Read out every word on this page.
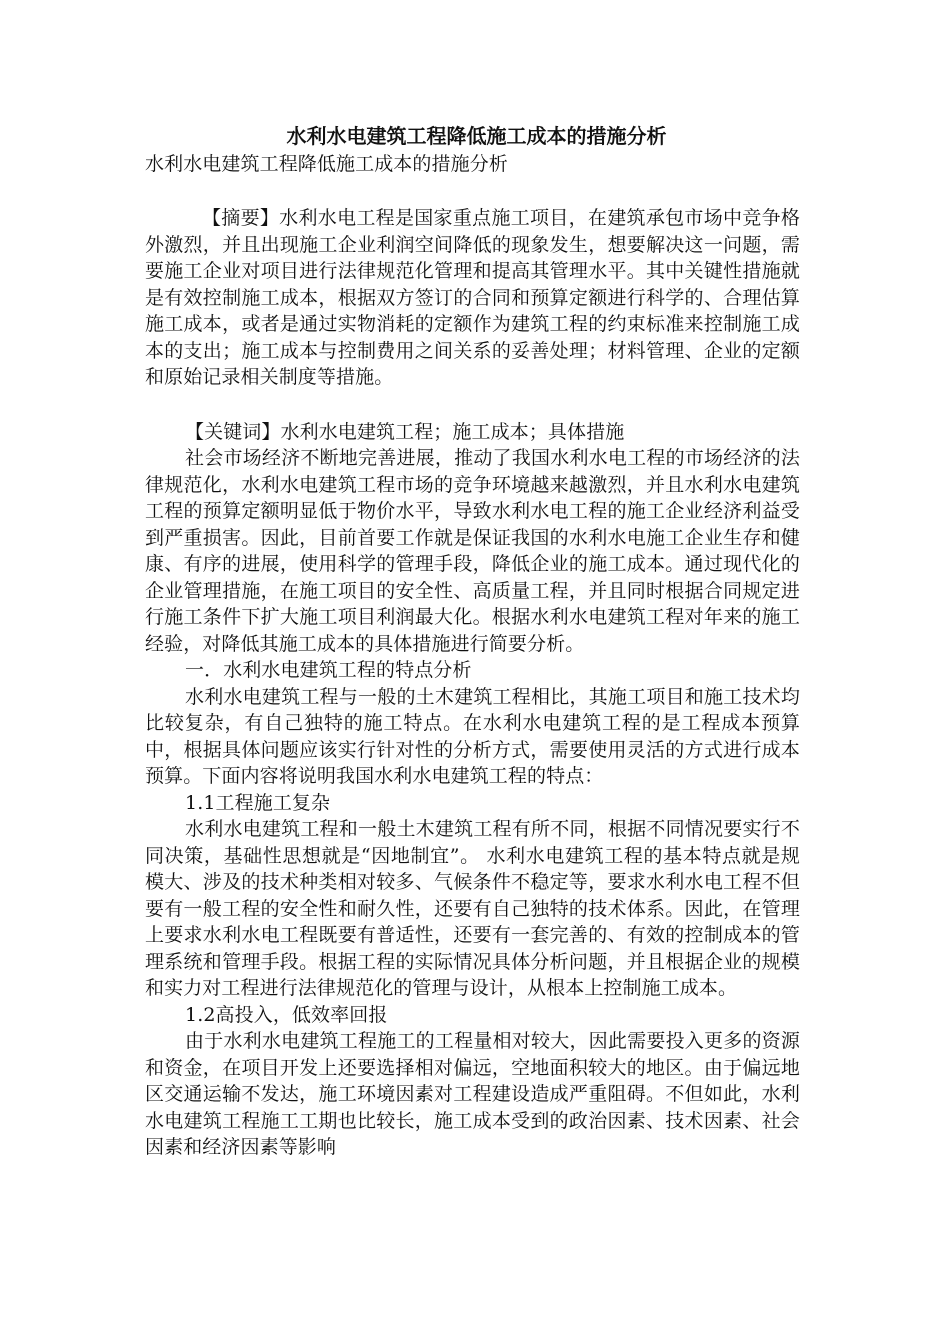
水利水电建筑工程降低施工成本的措施分析

水利水电建筑工程降低施工成本的措施分析

【摘要】水利水电工程是国家重点施工项目，在建筑承包市场中竞争格外激烈，并且出现施工企业利润空间降低的现象发生，想要解决这一问题，需要施工企业对项目进行法律规范化管理和提高其管理水平。其中关键性措施就是有效控制施工成本，根据双方签订的合同和预算定额进行科学的、合理估算施工成本，或者是通过实物消耗的定额作为建筑工程的约束标准来控制施工成本的支出；施工成本与控制费用之间关系的妥善处理；材料管理、企业的定额和原始记录相关制度等措施。

【关键词】水利水电建筑工程；施工成本；具体措施

社会市场经济不断地完善进展，推动了我国水利水电工程的市场经济的法律规范化，水利水电建筑工程市场的竞争环境越来越激烈，并且水利水电建筑工程的预算定额明显低于物价水平，导致水利水电工程的施工企业经济利益受到严重损害。因此，目前首要工作就是保证我国的水利水电施工企业生存和健康、有序的进展，使用科学的管理手段，降低企业的施工成本。通过现代化的企业管理措施，在施工项目的安全性、高质量工程，并且同时根据合同规定进行施工条件下扩大施工项目利润最大化。根据水利水电建筑工程对年来的施工经验，对降低其施工成本的具体措施进行简要分析。

一．水利水电建筑工程的特点分析

水利水电建筑工程与一般的土木建筑工程相比，其施工项目和施工技术均比较复杂，有自己独特的施工特点。在水利水电建筑工程的是工程成本预算中，根据具体问题应该实行针对性的分析方式，需要使用灵活的方式进行成本预算。下面内容将说明我国水利水电建筑工程的特点：

1.1工程施工复杂

水利水电建筑工程和一般土木建筑工程有所不同，根据不同情况要实行不同决策，基础性思想就是“因地制宜”。 水利水电建筑工程的基本特点就是规模大、涉及的技术种类相对较多、气候条件不稳定等，要求水利水电工程不但要有一般工程的安全性和耐久性，还要有自己独特的技术体系。因此，在管理上要求水利水电工程既要有普适性，还要有一套完善的、有效的控制成本的管理系统和管理手段。根据工程的实际情况具体分析问题，并且根据企业的规模和实力对工程进行法律规范化的管理与设计，从根本上控制施工成本。

1.2高投入，低效率回报

由于水利水电建筑工程施工的工程量相对较大，因此需要投入更多的资源和资金，在项目开发上还要选择相对偏远，空地面积较大的地区。由于偏远地区交通运输不发达，施工环境因素对工程建设造成严重阻碍。不但如此，水利水电建筑工程施工工期也比较长，施工成本受到的政治因素、技术因素、社会因素和经济因素等影响
